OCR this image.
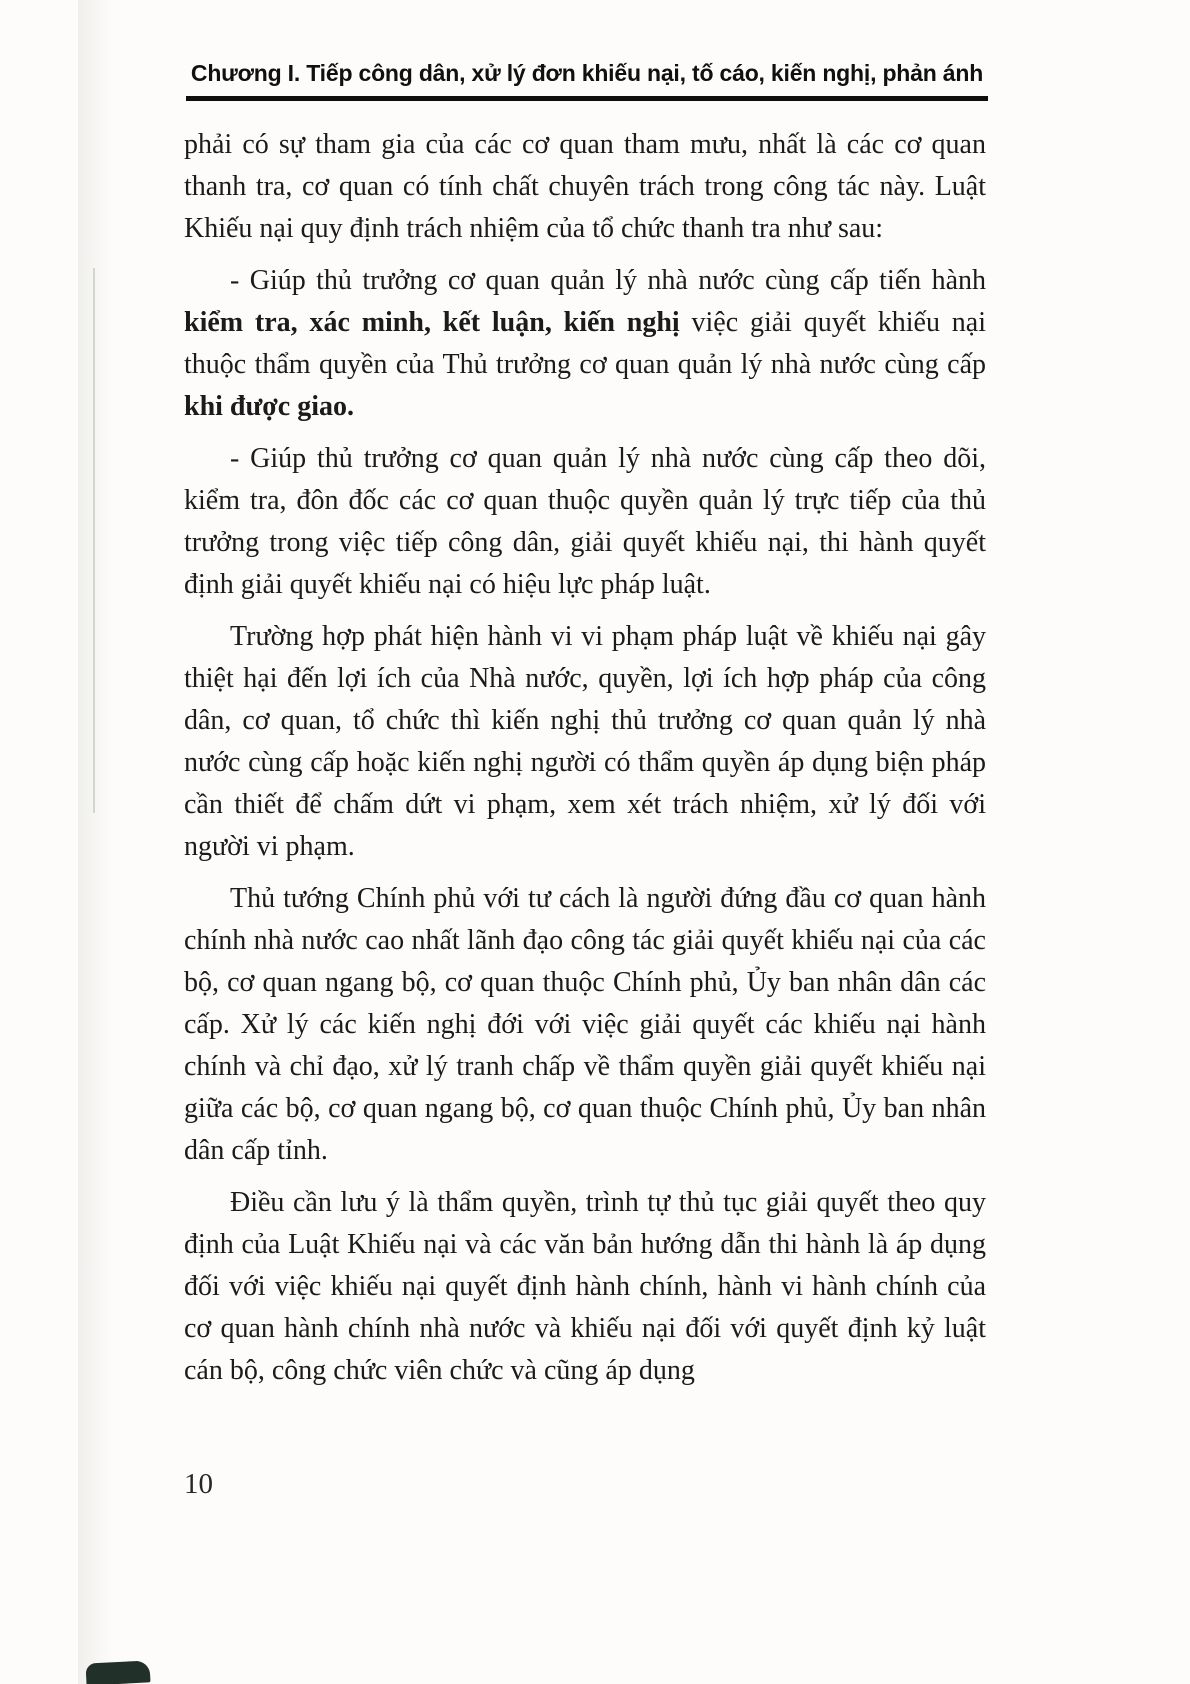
Chương I. Tiếp công dân, xử lý đơn khiếu nại, tố cáo, kiến nghị, phản ánh

phải có sự tham gia của các cơ quan tham mưu, nhất là các cơ quan thanh tra, cơ quan có tính chất chuyên trách trong công tác này. Luật Khiếu nại quy định trách nhiệm của tổ chức thanh tra như sau:

- Giúp thủ trưởng cơ quan quản lý nhà nước cùng cấp tiến hành kiểm tra, xác minh, kết luận, kiến nghị việc giải quyết khiếu nại thuộc thẩm quyền của Thủ trưởng cơ quan quản lý nhà nước cùng cấp khi được giao.

- Giúp thủ trưởng cơ quan quản lý nhà nước cùng cấp theo dõi, kiểm tra, đôn đốc các cơ quan thuộc quyền quản lý trực tiếp của thủ trưởng trong việc tiếp công dân, giải quyết khiếu nại, thi hành quyết định giải quyết khiếu nại có hiệu lực pháp luật.

Trường hợp phát hiện hành vi vi phạm pháp luật về khiếu nại gây thiệt hại đến lợi ích của Nhà nước, quyền, lợi ích hợp pháp của công dân, cơ quan, tổ chức thì kiến nghị thủ trưởng cơ quan quản lý nhà nước cùng cấp hoặc kiến nghị người có thẩm quyền áp dụng biện pháp cần thiết để chấm dứt vi phạm, xem xét trách nhiệm, xử lý đối với người vi phạm.

Thủ tướng Chính phủ với tư cách là người đứng đầu cơ quan hành chính nhà nước cao nhất lãnh đạo công tác giải quyết khiếu nại của các bộ, cơ quan ngang bộ, cơ quan thuộc Chính phủ, Ủy ban nhân dân các cấp. Xử lý các kiến nghị đới với việc giải quyết các khiếu nại hành chính và chỉ đạo, xử lý tranh chấp về thẩm quyền giải quyết khiếu nại giữa các bộ, cơ quan ngang bộ, cơ quan thuộc Chính phủ, Ủy ban nhân dân cấp tỉnh.

Điều cần lưu ý là thẩm quyền, trình tự thủ tục giải quyết theo quy định của Luật Khiếu nại và các văn bản hướng dẫn thi hành là áp dụng đối với việc khiếu nại quyết định hành chính, hành vi hành chính của cơ quan hành chính nhà nước và khiếu nại đối với quyết định kỷ luật cán bộ, công chức viên chức và cũng áp dụng

10
